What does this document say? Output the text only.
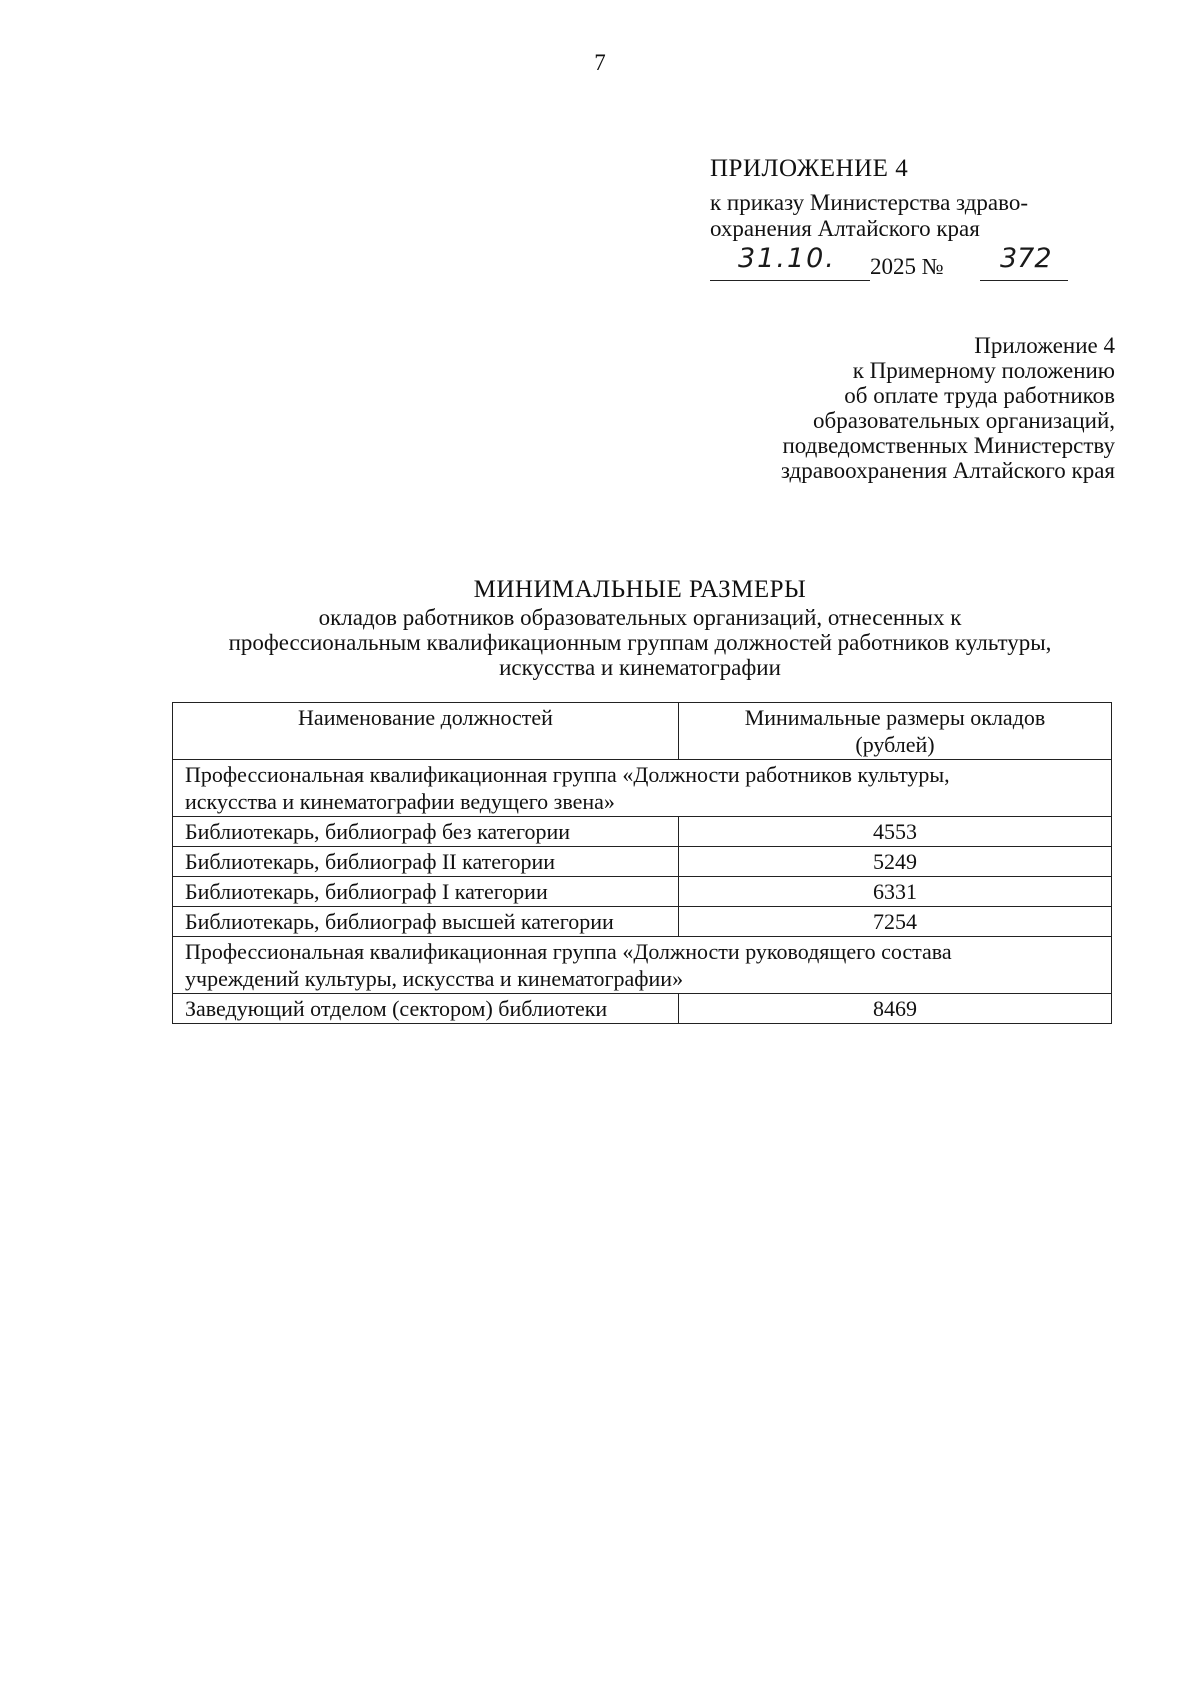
7
ПРИЛОЖЕНИЕ 4
к приказу Министерства здраво-
охранения Алтайского края
31.10. 2025 № 372
Приложение 4
к Примерному положению
об оплате труда работников
образовательных организаций,
подведомственных Министерству
здравоохранения Алтайского края
МИНИМАЛЬНЫЕ РАЗМЕРЫ
окладов работников образовательных организаций, отнесенных к
профессиональным квалификационным группам должностей работников культуры,
искусства и кинематографии
Наименование должностей	Минимальные размеры окладов
(рублей)

Профессиональная квалификационная группа «Должности работников культуры,
искусства и кинематографии ведущего звена»	

Библиотекарь, библиограф без категории	4553
Библиотекарь, библиограф II категории	5249
Библиотекарь, библиограф I категории	6331
Библиотекарь, библиограф высшей категории	7254

Профессиональная квалификационная группа «Должности руководящего состава
учреждений культуры, искусства и кинематографии»	

Заведующий отделом (сектором) библиотеки	8469
